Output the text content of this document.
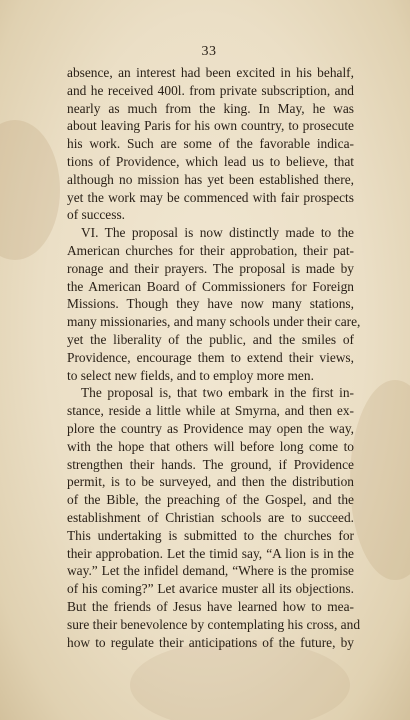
33
absence, an interest had been excited in his behalf,
and he received 400l. from private subscription, and
nearly as much from the king. In May, he was
about leaving Paris for his own country, to prosecute
his work. Such are some of the favorable indica-
tions of Providence, which lead us to believe, that
although no mission has yet been established there,
yet the work may be commenced with fair prospects
of success.
VI. The proposal is now distinctly made to the
American churches for their approbation, their pat-
ronage and their prayers. The proposal is made by
the American Board of Commissioners for Foreign
Missions. Though they have now many stations,
many missionaries, and many schools under their care,
yet the liberality of the public, and the smiles of
Providence, encourage them to extend their views,
to select new fields, and to employ more men.
The proposal is, that two embark in the first in-
stance, reside a little while at Smyrna, and then ex-
plore the country as Providence may open the way,
with the hope that others will before long come to
strengthen their hands. The ground, if Providence
permit, is to be surveyed, and then the distribution
of the Bible, the preaching of the Gospel, and the
establishment of Christian schools are to succeed.
This undertaking is submitted to the churches for
their approbation. Let the timid say, “A lion is in the
way.” Let the infidel demand, “Where is the promise
of his coming?” Let avarice muster all its objections.
But the friends of Jesus have learned how to mea-
sure their benevolence by contemplating his cross, and
how to regulate their anticipations of the future, by
